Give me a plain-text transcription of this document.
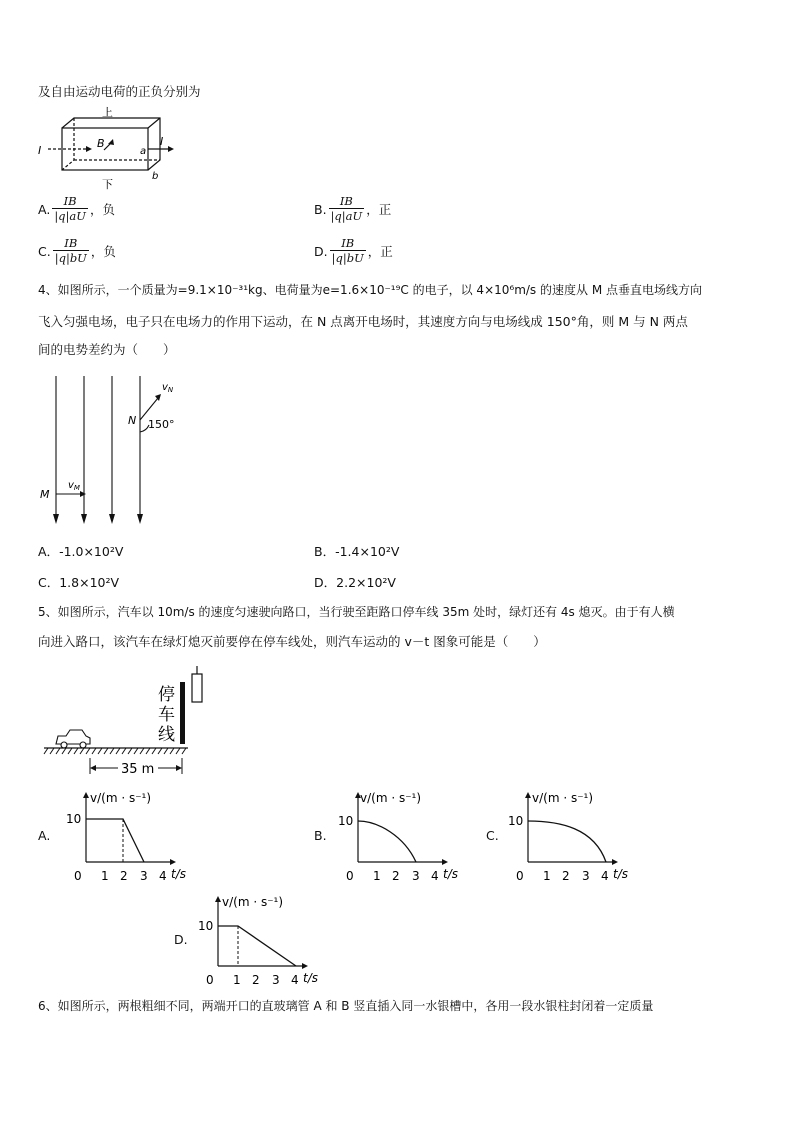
及自由运动电荷的正负分别为
上
下
I
I
B
a
b
A. $\frac{IB}{|q|aU}$ ，负	B. $\frac{IB}{|q|aU}$ ，正
C. $\frac{IB}{|q|bU}$ ，负	D. $\frac{IB}{|q|bU}$ ，正
4、如图所示，一个质量为=9.1×10⁻³¹kg、电荷量为e=1.6×10⁻¹⁹C 的电子，以 4×10⁶m/s 的速度从 M 点垂直电场线方向
飞入匀强电场，电子只在电场力的作用下运动，在 N 点离开电场时，其速度方向与电场线成 150°角，则 M 与 N 两点
间的电势差约为（　　）
M
$v_M$
N
$v_N$
150°
A．-1.0×10²V	B．-1.4×10²V
C．1.8×10²V	D．2.2×10²V
5、如图所示，汽车以 10m/s 的速度匀速驶向路口，当行驶至距路口停车线 35m 处时，绿灯还有 4s 熄灭。由于有人横
向进入路口，该汽车在绿灯熄灭前要停在停车线处，则汽车运动的 v－t 图象可能是（　　）
停
车
线
35 m
A.	B.	C.
D.
v/(m · s⁻¹)
10
0 1 2 3 4 t/s
v/(m · s⁻¹)
10
0 1 2 3 4 t/s
v/(m · s⁻¹)
10
0 1 2 3 4 t/s
v/(m · s⁻¹)
10
0 1 2 3 4 t/s
6、如图所示，两根粗细不同，两端开口的直玻璃管 A 和 B 竖直插入同一水银槽中，各用一段水银柱封闭着一定质量
